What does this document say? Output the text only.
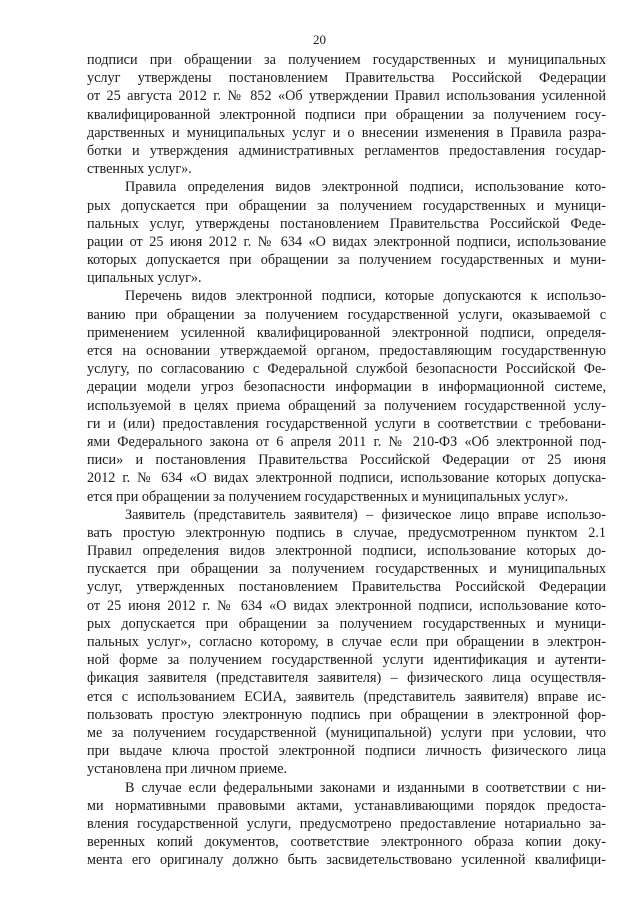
20
подписи при обращении за получением государственных и муниципальных
услуг утверждены постановлением Правительства Российской Федерации
от 25 августа 2012 г. № 852 «Об утверждении Правил использования усиленной
квалифицированной электронной подписи при обращении за получением госу-
дарственных и муниципальных услуг и о внесении изменения в Правила разра-
ботки и утверждения административных регламентов предоставления государ-
ственных услуг».
Правила определения видов электронной подписи, использование кото-
рых допускается при обращении за получением государственных и муници-
пальных услуг, утверждены постановлением Правительства Российской Феде-
рации от 25 июня 2012 г. № 634 «О видах электронной подписи, использование
которых допускается при обращении за получением государственных и муни-
ципальных услуг».
Перечень видов электронной подписи, которые допускаются к использо-
ванию при обращении за получением государственной услуги, оказываемой с
применением усиленной квалифицированной электронной подписи, определя-
ется на основании утверждаемой органом, предоставляющим государственную
услугу, по согласованию с Федеральной службой безопасности Российской Фе-
дерации модели угроз безопасности информации в информационной системе,
используемой в целях приема обращений за получением государственной услу-
ги и (или) предоставления государственной услуги в соответствии с требовани-
ями Федерального закона от 6 апреля 2011 г. № 210-ФЗ «Об электронной под-
писи» и постановления Правительства Российской Федерации от 25 июня
2012 г. № 634 «О видах электронной подписи, использование которых допуска-
ется при обращении за получением государственных и муниципальных услуг».
Заявитель (представитель заявителя) – физическое лицо вправе использо-
вать простую электронную подпись в случае, предусмотренном пунктом 2.1
Правил определения видов электронной подписи, использование которых до-
пускается при обращении за получением государственных и муниципальных
услуг, утвержденных постановлением Правительства Российской Федерации
от 25 июня 2012 г. № 634 «О видах электронной подписи, использование кото-
рых допускается при обращении за получением государственных и муници-
пальных услуг», согласно которому, в случае если при обращении в электрон-
ной форме за получением государственной услуги идентификация и аутенти-
фикация заявителя (представителя заявителя) – физического лица осуществля-
ется с использованием ЕСИА, заявитель (представитель заявителя) вправе ис-
пользовать простую электронную подпись при обращении в электронной фор-
ме за получением государственной (муниципальной) услуги при условии, что
при выдаче ключа простой электронной подписи личность физического лица
установлена при личном приеме.
В случае если федеральными законами и изданными в соответствии с ни-
ми нормативными правовыми актами, устанавливающими порядок предоста-
вления государственной услуги, предусмотрено предоставление нотариально за-
веренных копий документов, соответствие электронного образа копии доку-
мента его оригиналу должно быть засвидетельствовано усиленной квалифици-
